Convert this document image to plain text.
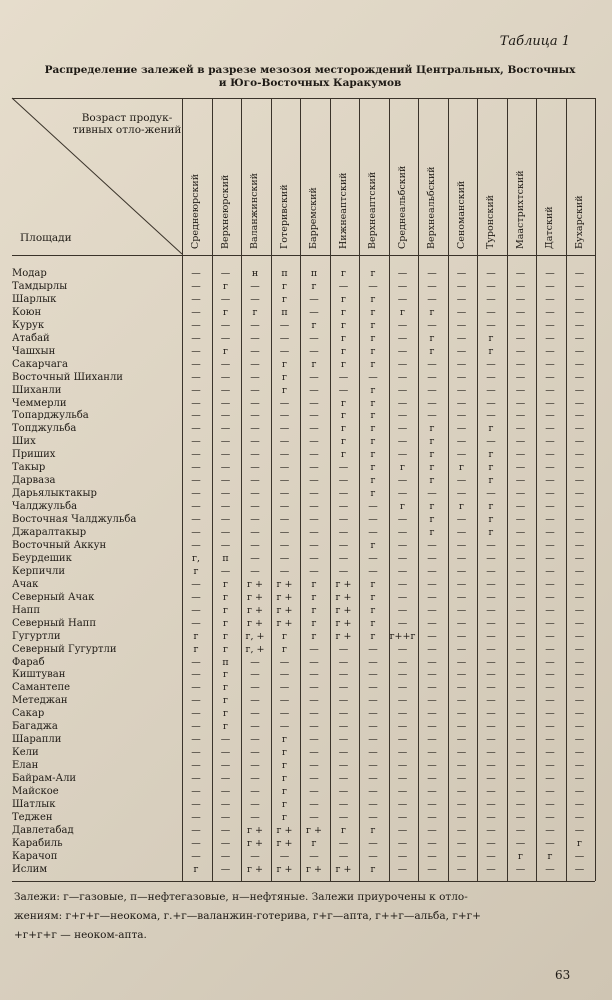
Таблица 1
Распределение залежей в разрезе мезозоя месторождений Центральных, Восточных
и Юго-Восточных Каракумов
Возраст продук-тивных отло-жений
Площади	Среднеюрский Верхнеюрский Валанжинский Готеривский Барремский Нижнеаптский Верхнеаптский Среднеальбский Верхнеальбский Сеноманский Туронский Маастрихтский Датский Бухарский
Модар	—	—	н	п	п	г	г	—	—	—	—	—	—	—
Тамдырлы	—	г	—	г	г	—	—	—	—	—	—	—	—	—
Шарлык	—	—	—	г	—	г	г	—	—	—	—	—	—	—
Коюн	—	г	г	п	—	г	г	г	г	—	—	—	—	—
Курук	—	—	—	—	г	г	г	—	—	—	—	—	—	—
Атабай	—	—	—	—	—	г	г	—	г	—	г	—	—	—
Чашхын	—	г	—	—	—	г	г	—	г	—	г	—	—	—
Сакарчага	—	—	—	г	г	г	г	—	—	—	—	—	—	—
Восточный Шиханли	—	—	—	г	—	—	—	—	—	—	—	—	—	—
Шиханли	—	—	—	г	—	—	г	—	—	—	—	—	—	—
Чеммерли	—	—	—	—	—	г	г	—	—	—	—	—	—	—
Топарджульба	—	—	—	—	—	г	г	—	—	—	—	—	—	—
Топджульба	—	—	—	—	—	г	г	—	г	—	г	—	—	—
Ших	—	—	—	—	—	г	г	—	г	—	—	—	—	—
Приших	—	—	—	—	—	г	г	—	г	—	г	—	—	—
Такыр	—	—	—	—	—	—	г	г	г	г	г	—	—	—
Дарваза	—	—	—	—	—	—	г	—	г	—	г	—	—	—
Дарьялыктакыр	—	—	—	—	—	—	г	—	—	—	—	—	—	—
Чалджульба	—	—	—	—	—	—	—	г	г	г	г	—	—	—
Восточная Чалджульба	—	—	—	—	—	—	—	—	г	—	г	—	—	—
Джаралтакыр	—	—	—	—	—	—	—	—	г	—	г	—	—	—
Восточный Аккун	—	—	—	—	—	—	г	—	—	—	—	—	—	—
Беурдешик	г,	п	—	—	—	—	—	—	—	—	—	—	—	—
Керпичли	г	—	—	—	—	—	—	—	—	—	—	—	—	—
Ачак	—	г	г +	г +	г	г +	г	—	—	—	—	—	—	—
Северный Ачак	—	г	г +	г +	г	г +	г	—	—	—	—	—	—	—
Напп	—	г	г +	г +	г	г +	г	—	—	—	—	—	—	—
Северный Напп	—	г	г +	г +	г	г +	г	—	—	—	—	—	—	—
Гугуртли	г	г	г, +	г	г	г +	г	г++г	—	—	—	—	—	—
Северный Гугуртли	г	г	г, +	г	—	—	—	—	—	—	—	—	—	—
Фараб	—	п	—	—	—	—	—	—	—	—	—	—	—	—
Киштуван	—	г	—	—	—	—	—	—	—	—	—	—	—	—
Самантепе	—	г	—	—	—	—	—	—	—	—	—	—	—	—
Метеджан	—	г	—	—	—	—	—	—	—	—	—	—	—	—
Сакар	—	г	—	—	—	—	—	—	—	—	—	—	—	—
Багаджа	—	г	—	—	—	—	—	—	—	—	—	—	—	—
Шарапли	—	—	—	г	—	—	—	—	—	—	—	—	—	—
Кели	—	—	—	г	—	—	—	—	—	—	—	—	—	—
Елан	—	—	—	г	—	—	—	—	—	—	—	—	—	—
Байрам-Али	—	—	—	г	—	—	—	—	—	—	—	—	—	—
Майское	—	—	—	г	—	—	—	—	—	—	—	—	—	—
Шатлык	—	—	—	г	—	—	—	—	—	—	—	—	—	—
Теджен	—	—	—	г	—	—	—	—	—	—	—	—	—	—
Давлетабад	—	—	г +	г +	г +	г	г	—	—	—	—	—	—	—
Карабиль	—	—	г +	г +	г	—	—	—	—	—	—	—	—	г
Карачоп	—	—	—	—	—	—	—	—	—	—	—	г	г	—
Ислим	г	—	г +	г +	г +	г +	г	—	—	—	—	—	—	—
Залежи: г—газовые, п—нефтегазовые, н—нефтяные. Залежи приурочены к отло-
жениям: г+г+г—неокома, г.+г—валанжин-готерива, г+г—апта, г++г—альба, г+г+
+г+г+г — неоком-апта.
63
